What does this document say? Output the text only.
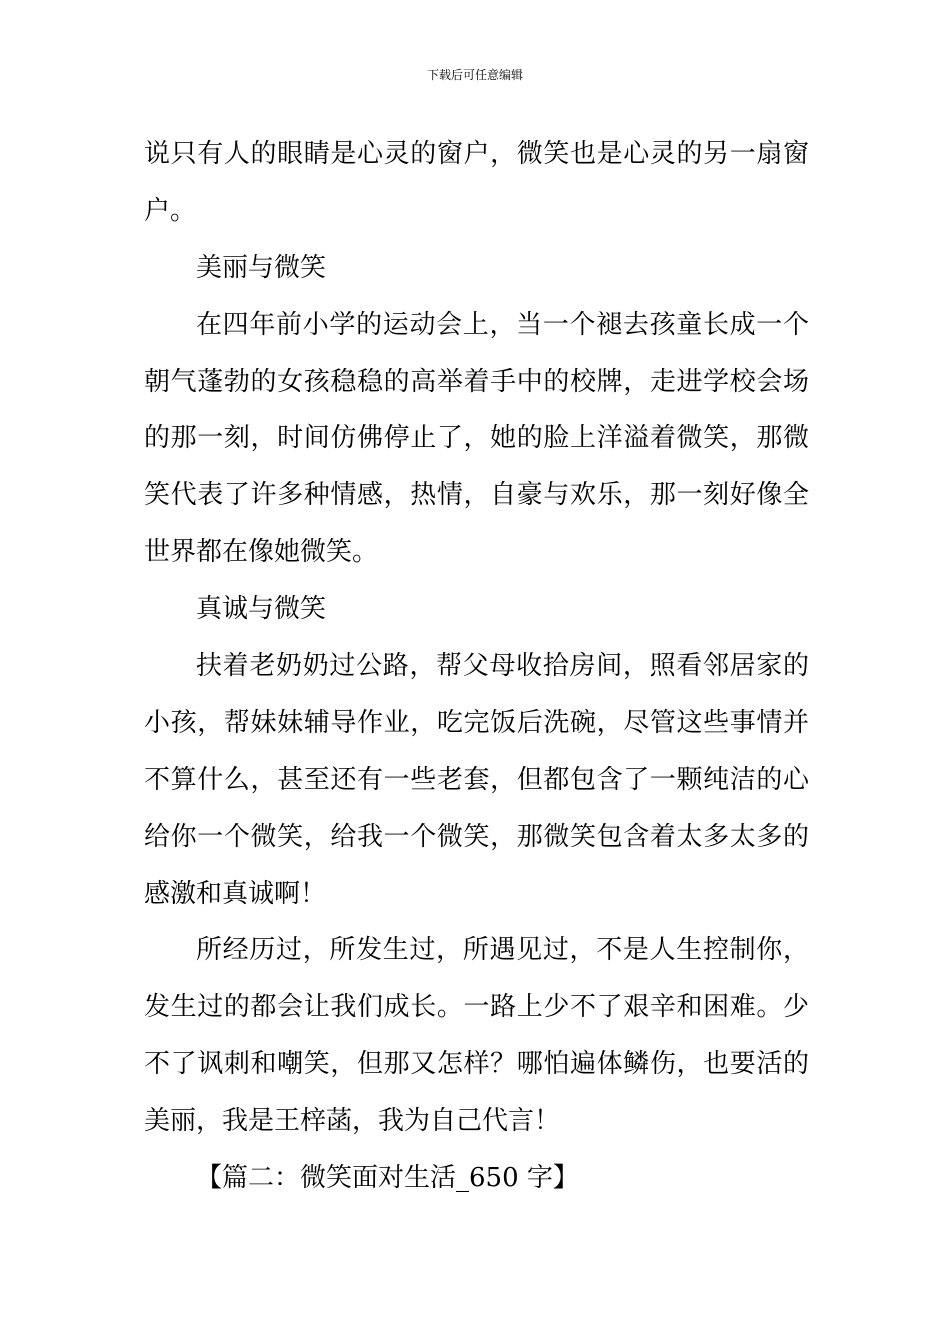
下载后可任意编辑
说只有人的眼睛是心灵的窗户，微笑也是心灵的另一扇窗
户。
美丽与微笑
在四年前小学的运动会上，当一个褪去孩童长成一个
朝气蓬勃的女孩稳稳的高举着手中的校牌，走进学校会场
的那一刻，时间仿佛停止了，她的脸上洋溢着微笑，那微
笑代表了许多种情感，热情，自豪与欢乐，那一刻好像全
世界都在像她微笑。
真诚与微笑
扶着老奶奶过公路，帮父母收拾房间，照看邻居家的
小孩，帮妹妹辅导作业，吃完饭后洗碗，尽管这些事情并
不算什么，甚至还有一些老套，但都包含了一颗纯洁的心
给你一个微笑，给我一个微笑，那微笑包含着太多太多的
感激和真诚啊！
所经历过，所发生过，所遇见过，不是人生控制你，
发生过的都会让我们成长。一路上少不了艰辛和困难。少
不了讽刺和嘲笑，但那又怎样？哪怕遍体鳞伤，也要活的
美丽，我是王梓菡，我为自己代言！
【篇二：微笑面对生活_650 字】
